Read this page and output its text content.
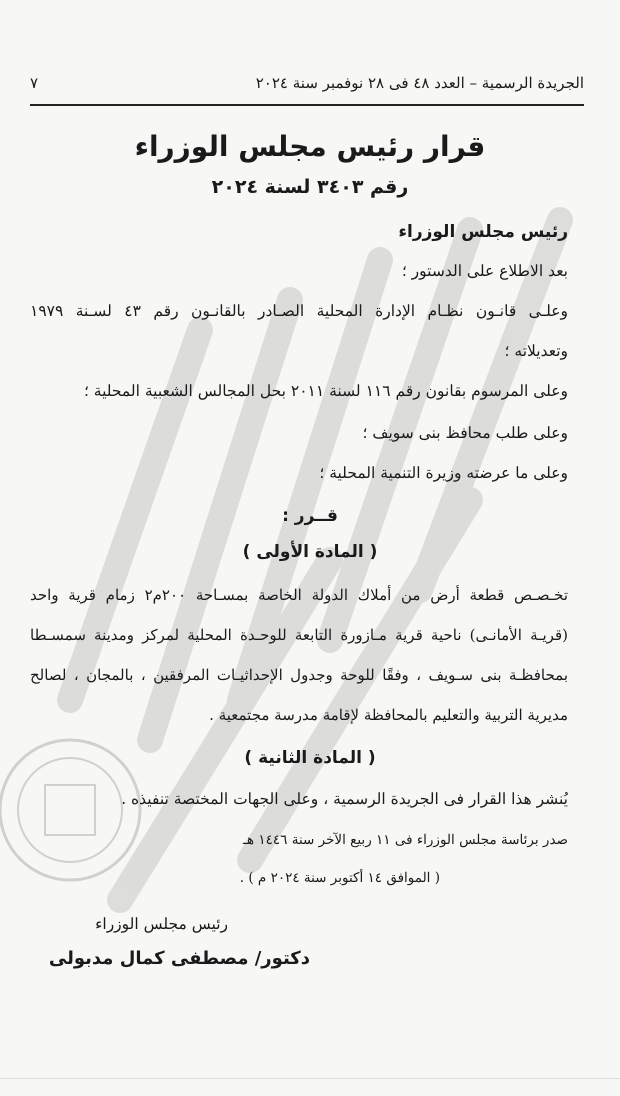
الجريدة الرسمية – العدد ٤٨ فى ٢٨ نوفمبر سنة ٢٠٢٤
٧
قرار رئيس مجلس الوزراء
رقم ٣٤٠٣ لسنة ٢٠٢٤
رئيس مجلس الوزراء
بعد الاطلاع على الدستور ؛
وعلـى قانـون نظـام الإدارة المحلية الصـادر بالقانـون رقم ٤٣ لسـنة ١٩٧٩
وتعديلاته ؛
وعلى المرسوم بقانون رقم ١١٦ لسنة ٢٠١١ بحل المجالس الشعبية المحلية ؛
وعلى طلب محافظ بنى سويف ؛
وعلى ما عرضته وزيرة التنمية المحلية ؛
قــرر :
( المادة الأولى )
تخـصـص قطعة أرض من أملاك الدولة الخاصة بمسـاحة ٢٠٠م٢ زمام قرية واحد
(قريـة الأمانـى) ناحية قرية مـازورة التابعة للوحـدة المحلية لمركز ومدينة سمسـطا
بمحافظـة بنى سـويف ، وفقًا للوحة وجدول الإحداثيـات المرفقين ، بالمجان ، لصالح
مديرية التربية والتعليم بالمحافظة لإقامة مدرسة مجتمعية .
( المادة الثانية )
يُنشر هذا القرار فى الجريدة الرسمية ، وعلى الجهات المختصة تنفيذه .
صدر برئاسة مجلس الوزراء فى ١١ ربيع الآخر سنة ١٤٤٦ هـ
( الموافق ١٤ أكتوبر سنة ٢٠٢٤ م ) .
رئيس مجلس الوزراء
دكتور/ مصطفى كمال مدبولى
